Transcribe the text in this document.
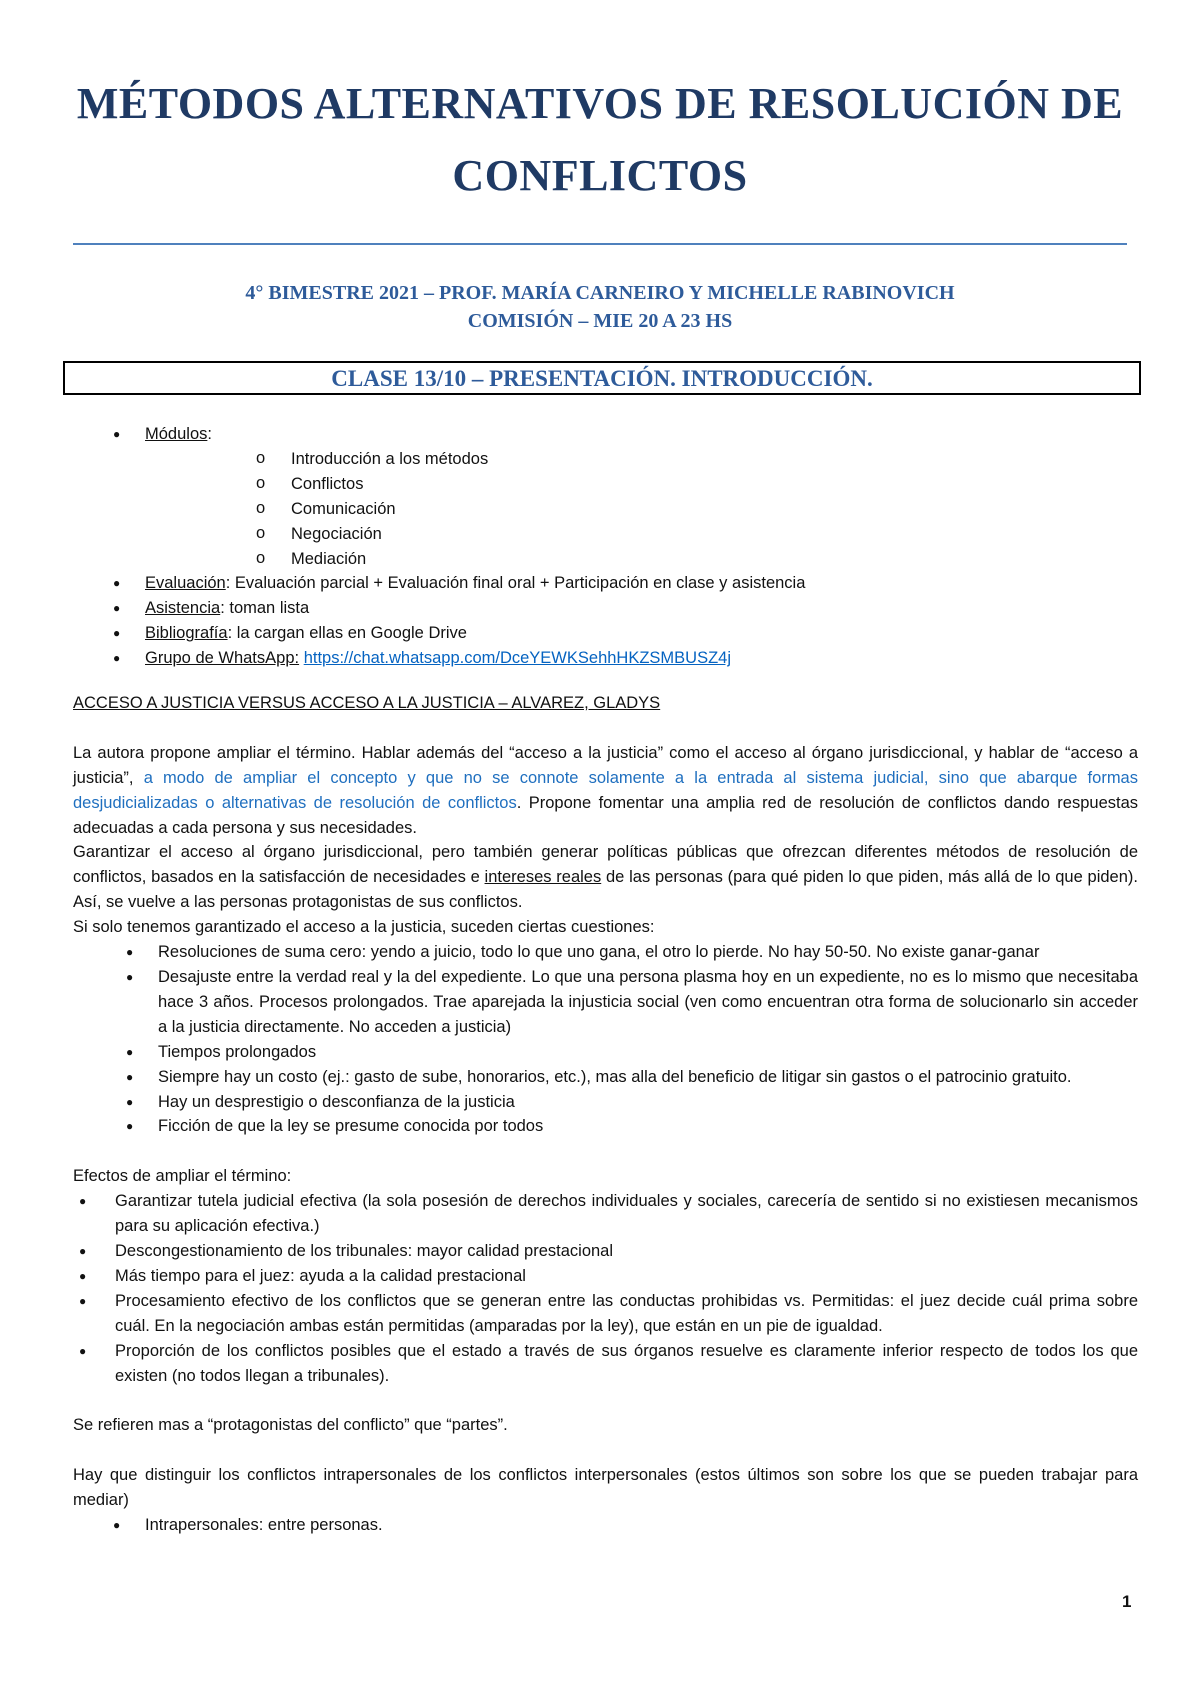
MÉTODOS ALTERNATIVOS DE RESOLUCIÓN DE
CONFLICTOS
4° BIMESTRE 2021 – PROF. MARÍA CARNEIRO Y MICHELLE RABINOVICH
COMISIÓN – MIE 20 A 23 HS
CLASE 13/10 – PRESENTACIÓN. INTRODUCCIÓN.
● Módulos:
o Introducción a los métodos
o Conflictos
o Comunicación
o Negociación
o Mediación
● Evaluación: Evaluación parcial + Evaluación final oral + Participación en clase y asistencia
● Asistencia: toman lista
● Bibliografía: la cargan ellas en Google Drive
● Grupo de WhatsApp: https://chat.whatsapp.com/DceYEWKSehhHKZSMBUSZ4j
ACCESO A JUSTICIA VERSUS ACCESO A LA JUSTICIA – ALVAREZ, GLADYS

La autora propone ampliar el término. Hablar además del “acceso a la justicia” como el acceso al órgano jurisdiccional, y hablar de “acceso a justicia”, a modo de ampliar el concepto y que no se connote solamente a la entrada al sistema judicial, sino que abarque formas desjudicializadas o alternativas de resolución de conflictos. Propone fomentar una amplia red de resolución de conflictos dando respuestas adecuadas a cada persona y sus necesidades.

Garantizar el acceso al órgano jurisdiccional, pero también generar políticas públicas que ofrezcan diferentes métodos de resolución de conflictos, basados en la satisfacción de necesidades e intereses reales de las personas (para qué piden lo que piden, más allá de lo que piden). Así, se vuelve a las personas protagonistas de sus conflictos.

Si solo tenemos garantizado el acceso a la justicia, suceden ciertas cuestiones:

● Resoluciones de suma cero: yendo a juicio, todo lo que uno gana, el otro lo pierde. No hay 50-50. No existe ganar-ganar
● Desajuste entre la verdad real y la del expediente. Lo que una persona plasma hoy en un expediente, no es lo mismo que necesitaba hace 3 años. Procesos prolongados. Trae aparejada la injusticia social (ven como encuentran otra forma de solucionarlo sin acceder a la justicia directamente. No acceden a justicia)
● Tiempos prolongados
● Siempre hay un costo (ej.: gasto de sube, honorarios, etc.), mas alla del beneficio de litigar sin gastos o el patrocinio gratuito.
● Hay un desprestigio o desconfianza de la justicia
● Ficción de que la ley se presume conocida por todos

Efectos de ampliar el término:

● Garantizar tutela judicial efectiva (la sola posesión de derechos individuales y sociales, carecería de sentido si no existiesen mecanismos para su aplicación efectiva.)
● Descongestionamiento de los tribunales: mayor calidad prestacional
● Más tiempo para el juez: ayuda a la calidad prestacional
● Procesamiento efectivo de los conflictos que se generan entre las conductas prohibidas vs. Permitidas: el juez decide cuál prima sobre cuál. En la negociación ambas están permitidas (amparadas por la ley), que están en un pie de igualdad.
● Proporción de los conflictos posibles que el estado a través de sus órganos resuelve es claramente inferior respecto de todos los que existen (no todos llegan a tribunales).

Se refieren mas a “protagonistas del conflicto” que “partes”.

Hay que distinguir los conflictos intrapersonales de los conflictos interpersonales (estos últimos son sobre los que se pueden trabajar para mediar)

● Intrapersonales: entre personas.
1
